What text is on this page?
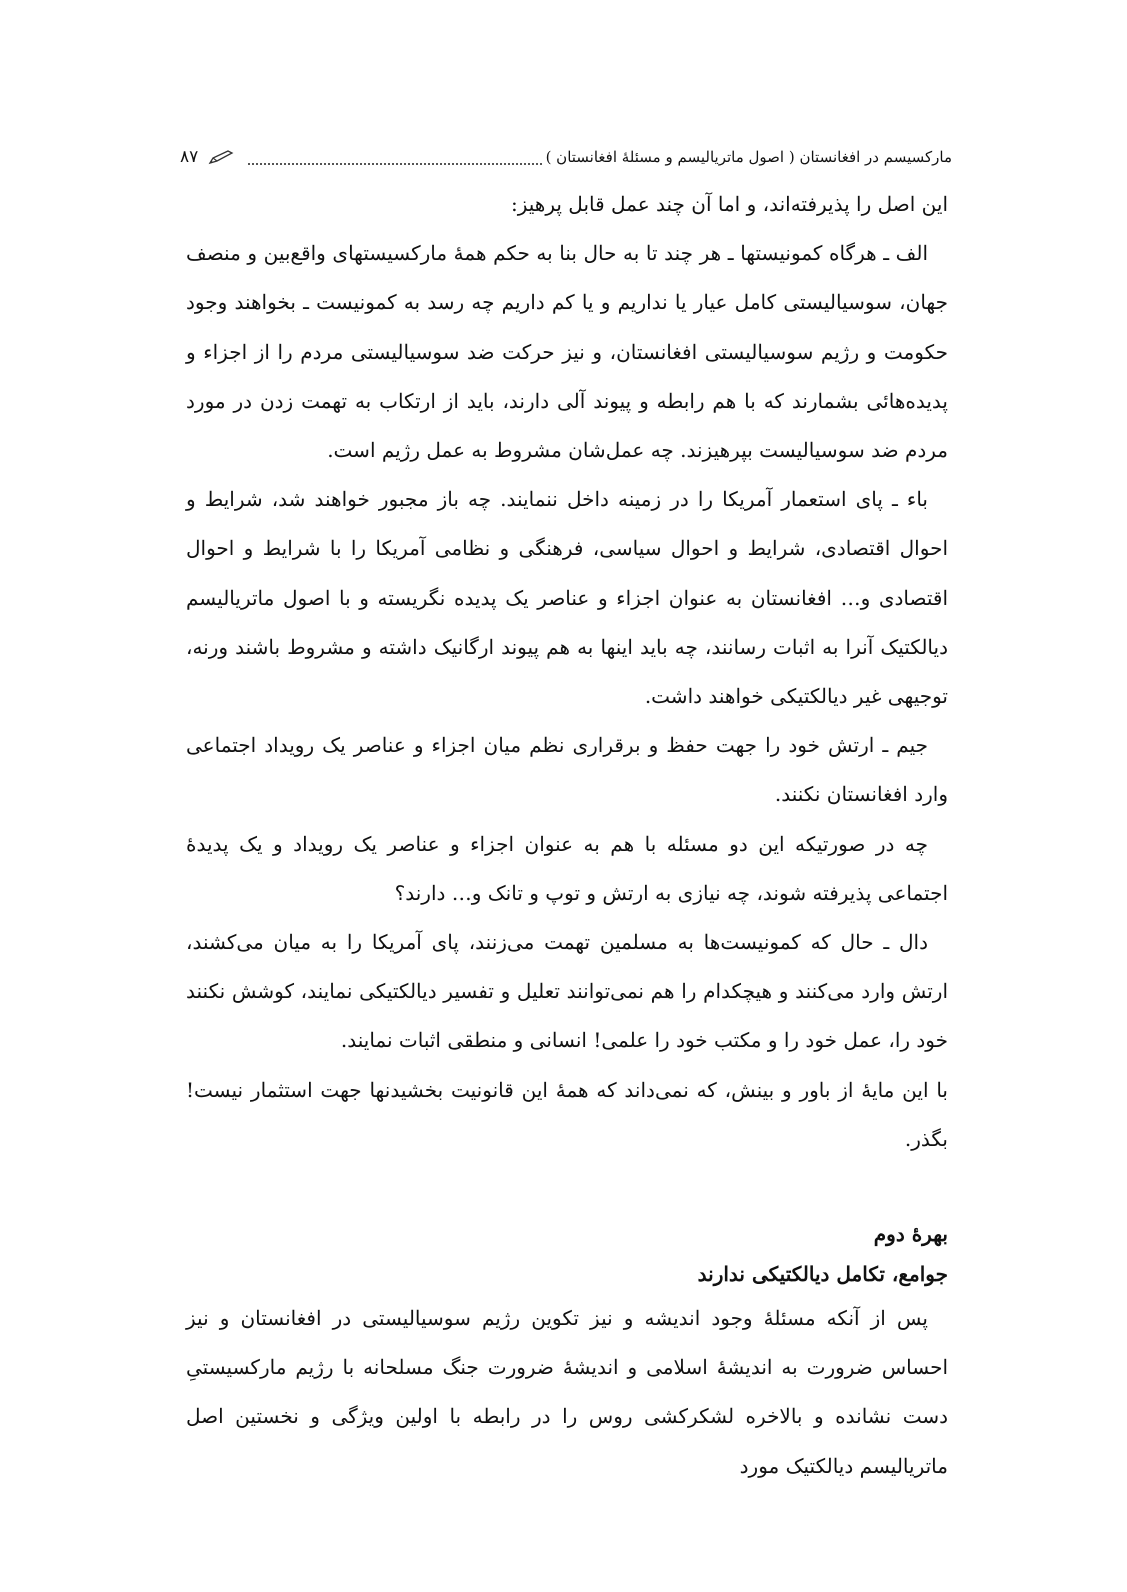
مارکسیسم در افغانستان ( اصول ماتریالیسم و مسئلهٔ افغانستان )
۸۷

این اصل را پذیرفته‌اند، و اما آن چند عمل قابل پرهیز:

الف ـ هرگاه کمونیستها ـ هر چند تا به حال بنا به حکم همهٔ مارکسیستهای واقع‌بین و منصف جهان، سوسیالیستی کامل عیار یا نداریم و یا کم داریم چه رسد به کمونیست ـ بخواهند وجود حکومت و رژیم سوسیالیستی افغانستان، و نیز حرکت ضد سوسیالیستی مردم را از اجزاء و پدیده‌هائی بشمارند که با هم رابطه و پیوند آلی دارند، باید از ارتکاب به تهمت زدن در مورد مردم ضد سوسیالیست بپرهیزند. چه عمل‌شان مشروط به عمل رژیم است.

باء ـ پای استعمار آمریکا را در زمینه داخل ننمایند. چه باز مجبور خواهند شد، شرایط و احوال اقتصادی، شرایط و احوال سیاسی، فرهنگی و نظامی آمریکا را با شرایط و احوال اقتصادی و… افغانستان به عنوان اجزاء و عناصر یک پدیده نگریسته و با اصول ماتریالیسم دیالکتیک آنرا به اثبات رسانند، چه باید اینها به هم پیوند ارگانیک داشته و مشروط باشند ورنه، توجیهی غیر دیالکتیکی خواهند داشت.

جیم ـ ارتش خود را جهت حفظ و برقراری نظم میان اجزاء و عناصر یک رویداد اجتماعی وارد افغانستان نکنند.

چه در صورتیکه این دو مسئله با هم به عنوان اجزاء و عناصر یک رویداد و یک پدیدهٔ اجتماعی پذیرفته شوند، چه نیازی به ارتش و توپ و تانک و… دارند؟

دال ـ حال که کمونیست‌ها به مسلمین تهمت می‌زنند، پای آمریکا را به میان می‌کشند، ارتش وارد می‌کنند و هیچکدام را هم نمی‌توانند تعلیل و تفسیر دیالکتیکی نمایند، کوشش نکنند خود را، عمل خود را و مکتب خود را علمی! انسانی و منطقی اثبات نمایند.

با این مایهٔ از باور و بینش، که نمی‌داند که همهٔ این قانونیت بخشیدنها جهت استثمار نیست! بگذر.

بهرهٔ دوم

جوامع، تکامل دیالکتیکی ندارند

پس از آنکه مسئلهٔ وجود اندیشه و نیز تکوین رژیم سوسیالیستی در افغانستان و نیز احساس ضرورت به اندیشهٔ اسلامی و اندیشهٔ ضرورت جنگ مسلحانه با رژیم مارکسیستیِ دست نشانده و بالاخره لشکرکشی روس را در رابطه با اولین ویژگی و نخستین اصل ماتریالیسم دیالکتیک مورد
